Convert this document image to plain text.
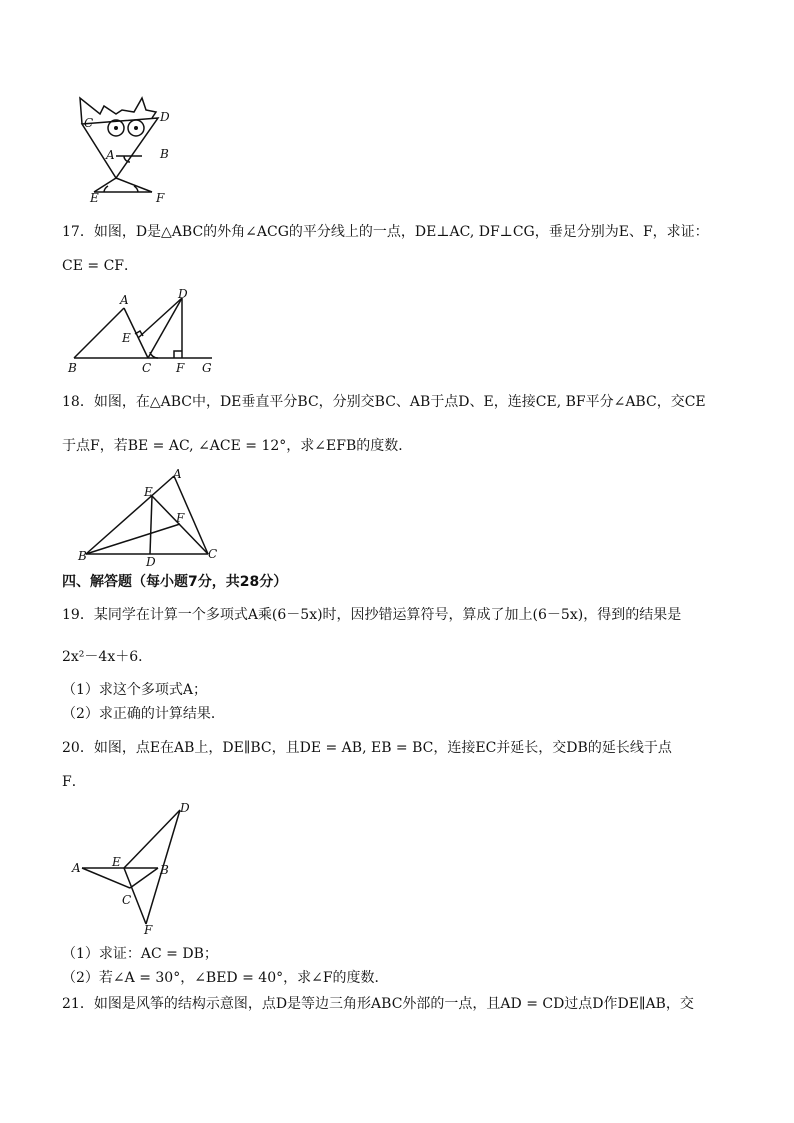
C	D
A	B
E	F
17．如图，D是△ABC的外角∠ACG的平分线上的一点，DE⊥AC, DF⊥CG，垂足分别为E、F，求证：
CE = CF．
A	D
E
B	C F G
18．如图，在△ABC中，DE垂直平分BC，分别交BC、AB于点D、E，连接CE, BF平分∠ABC，交CE
于点F，若BE = AC, ∠ACE = 12°，求∠EFB的度数．
A
E
F
B	D
C
四、解答题（每小题7分，共28分）
19．某同学在计算一个多项式A乘(6－5x)时，因抄错运算符号，算成了加上(6－5x)，得到的结果是
2x²－4x＋6．
（1）求这个多项式A；
（2）求正确的计算结果．
20．如图，点E在AB上，DE∥BC，且DE = AB, EB = BC，连接EC并延长，交DB的延长线于点
F．
D
A	E
B
C
F
（1）求证：AC = DB；
（2）若∠A = 30°，∠BED = 40°，求∠F的度数．
21．如图是风筝的结构示意图，点D是等边三角形ABC外部的一点，且AD = CD过点D作DE∥AB，交
